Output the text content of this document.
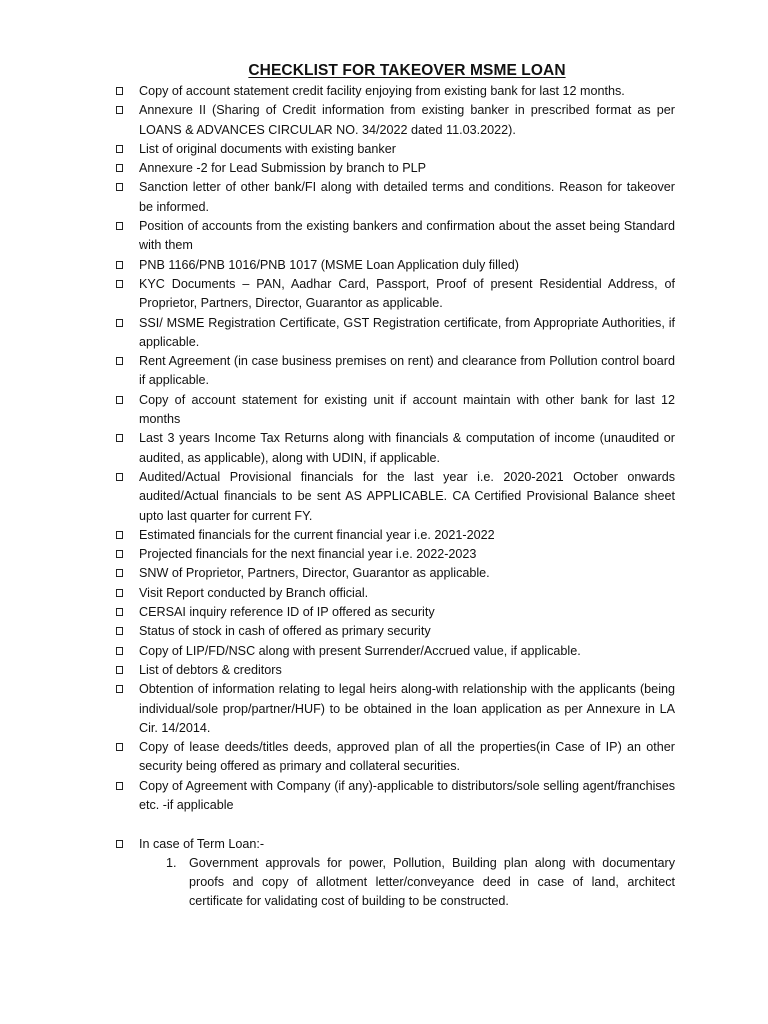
CHECKLIST FOR TAKEOVER MSME LOAN
Copy of account statement credit facility enjoying from existing bank for last 12 months.
Annexure II (Sharing of Credit information from existing banker in prescribed format as per LOANS & ADVANCES CIRCULAR NO. 34/2022 dated 11.03.2022).
List of original documents with existing banker
Annexure -2 for Lead Submission by branch to PLP
Sanction letter of other bank/FI along with detailed terms and conditions. Reason for takeover be informed.
Position of accounts from the existing bankers and confirmation about the asset being Standard with them
PNB 1166/PNB 1016/PNB 1017 (MSME Loan Application duly filled)
KYC Documents – PAN, Aadhar Card, Passport, Proof of present Residential Address, of Proprietor, Partners, Director, Guarantor as applicable.
SSI/ MSME Registration Certificate, GST Registration certificate, from Appropriate Authorities, if applicable.
Rent Agreement (in case business premises on rent) and clearance from Pollution control board if applicable.
Copy of account statement for existing unit if account maintain with other bank for last 12 months
Last 3 years Income Tax Returns along with financials & computation of income (unaudited or audited, as applicable), along with UDIN, if applicable.
Audited/Actual Provisional financials for the last year i.e. 2020-2021 October onwards audited/Actual financials to be sent AS APPLICABLE. CA Certified Provisional Balance sheet upto last quarter for current FY.
Estimated financials for the current financial year i.e. 2021-2022
Projected financials for the next financial year i.e. 2022-2023
SNW of Proprietor, Partners, Director, Guarantor as applicable.
Visit Report conducted by Branch official.
CERSAI inquiry reference ID of IP offered as security
Status of stock in cash of offered as primary security
Copy of LIP/FD/NSC along with present Surrender/Accrued value, if applicable.
List of debtors & creditors
Obtention of information relating to legal heirs along-with relationship with the applicants (being individual/sole prop/partner/HUF) to be obtained in the loan application as per Annexure in LA Cir. 14/2014.
Copy of lease deeds/titles deeds, approved plan of all the properties(in Case of IP) an other security being offered as primary and collateral securities.
Copy of Agreement with Company (if any)-applicable to distributors/sole selling agent/franchises etc. -if applicable
In case of Term Loan:-
1. Government approvals for power, Pollution, Building plan along with documentary proofs and copy of allotment letter/conveyance deed in case of land, architect certificate for validating cost of building to be constructed.
